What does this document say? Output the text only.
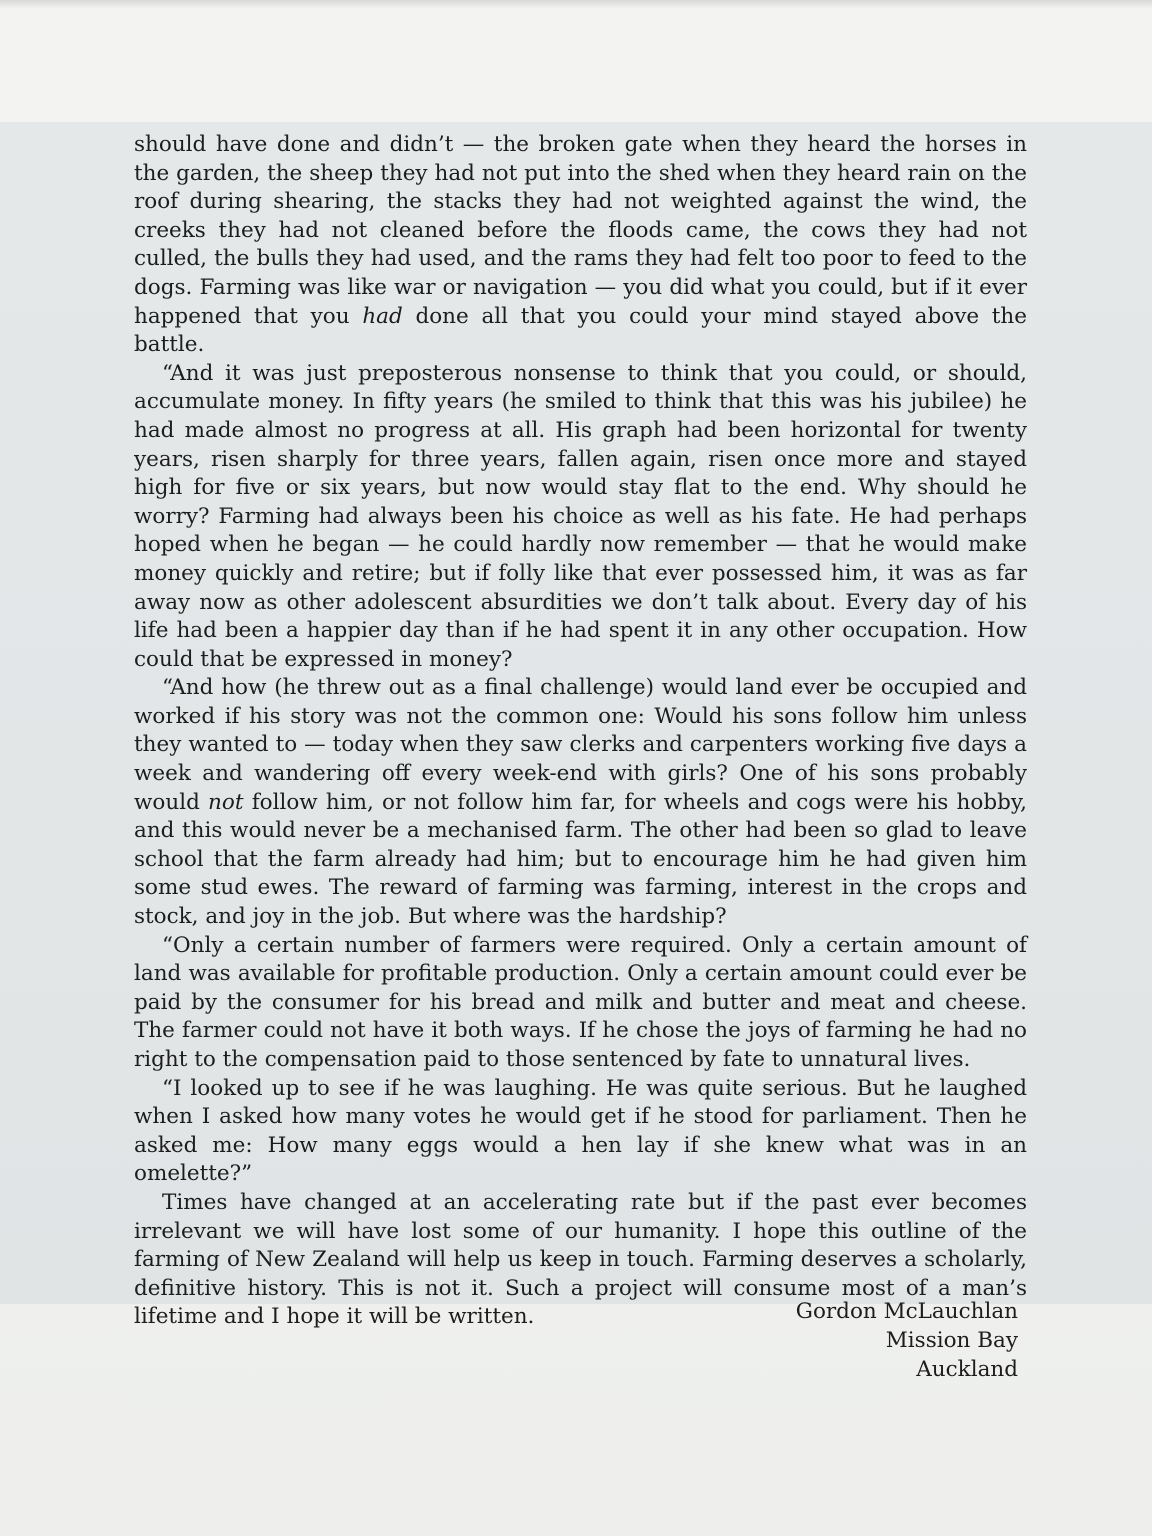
should have done and didn’t — the broken gate when they heard the horses in the garden, the sheep they had not put into the shed when they heard rain on the roof during shearing, the stacks they had not weighted against the wind, the creeks they had not cleaned before the floods came, the cows they had not culled, the bulls they had used, and the rams they had felt too poor to feed to the dogs. Farming was like war or navigation — you did what you could, but if it ever happened that you had done all that you could your mind stayed above the battle.

“And it was just preposterous nonsense to think that you could, or should, accumulate money. In fifty years (he smiled to think that this was his jubilee) he had made almost no progress at all. His graph had been horizontal for twenty years, risen sharply for three years, fallen again, risen once more and stayed high for five or six years, but now would stay flat to the end. Why should he worry? Farming had always been his choice as well as his fate. He had perhaps hoped when he began — he could hardly now remember — that he would make money quickly and retire; but if folly like that ever possessed him, it was as far away now as other adolescent absurdities we don’t talk about. Every day of his life had been a happier day than if he had spent it in any other occupation. How could that be expressed in money?

“And how (he threw out as a final challenge) would land ever be occupied and worked if his story was not the common one: Would his sons follow him unless they wanted to — today when they saw clerks and carpenters working five days a week and wandering off every week-end with girls? One of his sons probably would not follow him, or not follow him far, for wheels and cogs were his hobby, and this would never be a mechanised farm. The other had been so glad to leave school that the farm already had him; but to encourage him he had given him some stud ewes. The reward of farming was farming, interest in the crops and stock, and joy in the job. But where was the hardship?

“Only a certain number of farmers were required. Only a certain amount of land was available for profitable production. Only a certain amount could ever be paid by the consumer for his bread and milk and butter and meat and cheese. The farmer could not have it both ways. If he chose the joys of farming he had no right to the compensation paid to those sentenced by fate to unnatural lives.

“I looked up to see if he was laughing. He was quite serious. But he laughed when I asked how many votes he would get if he stood for parliament. Then he asked me: How many eggs would a hen lay if she knew what was in an omelette?”

Times have changed at an accelerating rate but if the past ever becomes irrelevant we will have lost some of our humanity. I hope this outline of the farming of New Zealand will help us keep in touch. Farming deserves a scholarly, definitive history. This is not it. Such a project will consume most of a man’s lifetime and I hope it will be written.	Gordon McLauchlan
Mission Bay
Auckland
